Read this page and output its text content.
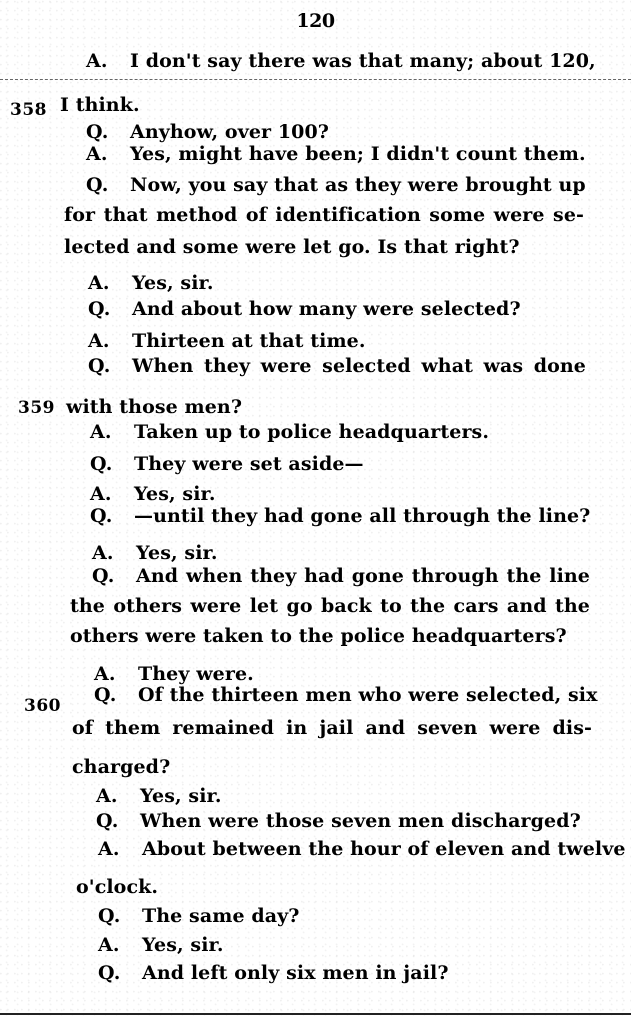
120
358
359
360
A. I don't say there was that many; about 120,
I think.
Q. Anyhow, over 100?
A. Yes, might have been; I didn't count them.
Q. Now, you say that as they were brought up
for that method of identification some were se-
lected and some were let go. Is that right?
A. Yes, sir.
Q. And about how many were selected?
A. Thirteen at that time.
Q. When they were selected what was done
with those men?
A. Taken up to police headquarters.
Q. They were set aside—
A. Yes, sir.
Q. —until they had gone all through the line?
A. Yes, sir.
Q. And when they had gone through the line
the others were let go back to the cars and the
others were taken to the police headquarters?
A. They were.
Q. Of the thirteen men who were selected, six
of them remained in jail and seven were dis-
charged?
A. Yes, sir.
Q. When were those seven men discharged?
A. About between the hour of eleven and twelve
o'clock.
Q. The same day?
A. Yes, sir.
Q. And left only six men in jail?
